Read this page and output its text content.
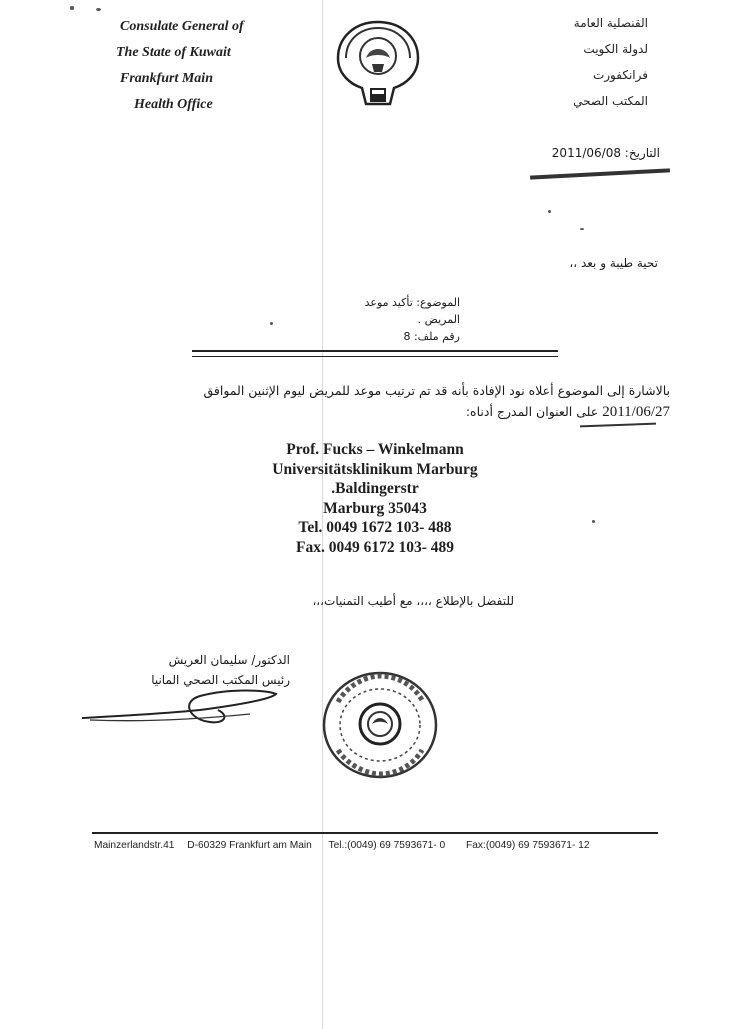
Consulate General of
The State of Kuwait
Frankfurt Main
Health Office
القنصلية العامة
لدولة الكويت
فرانكفورت
المكتب الصحي
التاريخ: 2011/06/08
تحية طيبة و بعد ،،
الموضوع: تأكيد موعد
المريض .
رقم ملف: 8
بالاشارة إلى الموضوع أعلاه نود الإفادة بأنه قد تم ترتيب موعد للمريض ليوم الإثنين الموافق
2011/06/27 على العنوان المدرج أدناه:
Prof. Fucks – Winkelmann
Universitätsklinikum Marburg
.Baldingerstr
Marburg 35043
Tel. 0049 1672 103- 488
Fax. 0049 6172 103- 489
للتفضل بالإطلاع ،،،، مع أطيب التمنيات،،،
الدكتور/ سليمان العريش
رئيس المكتب الصحي المانيا
Mainzerlandstr.41 D-60329 Frankfurt am Main Tel.:(0049) 69 7593671- 0 Fax:(0049) 69 7593671- 12
